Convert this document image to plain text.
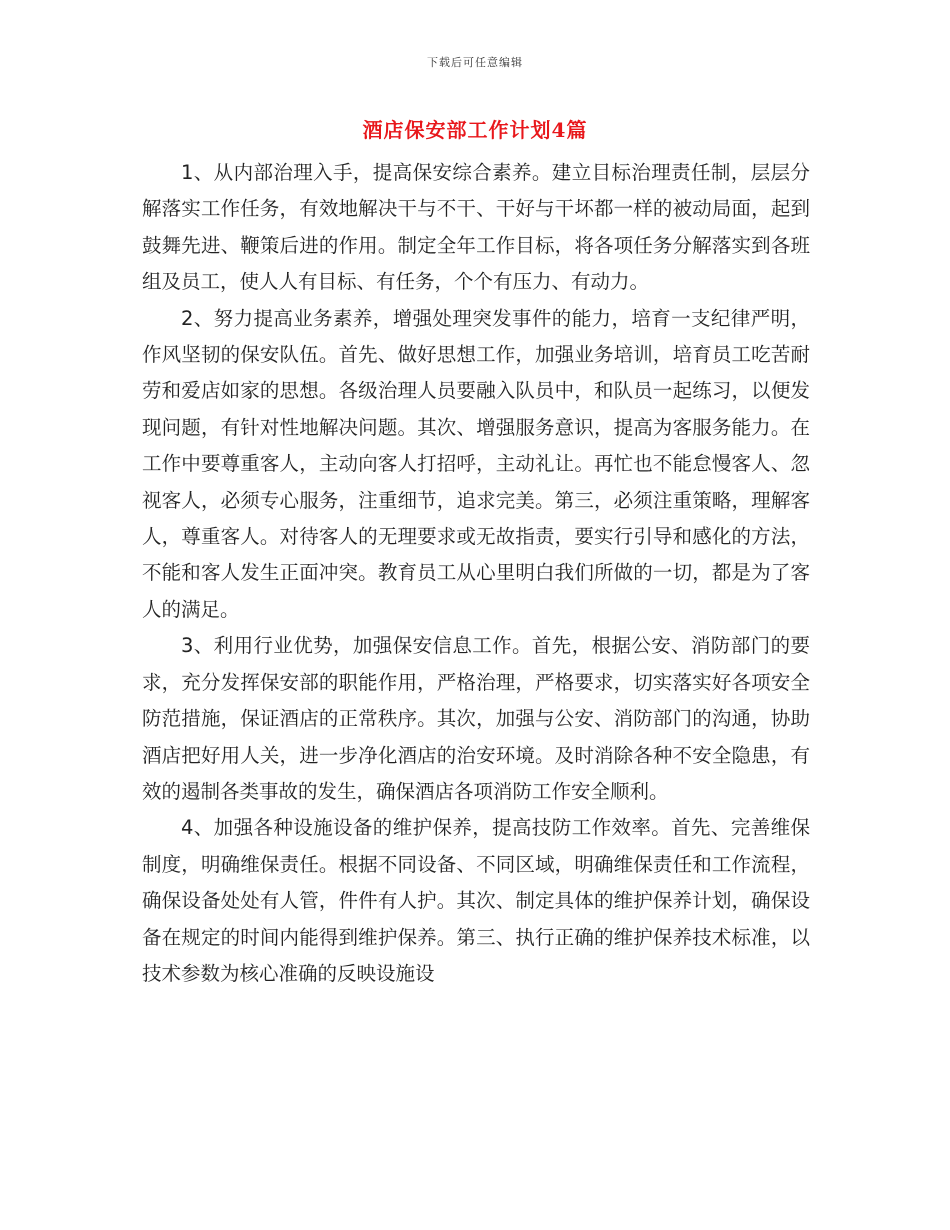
下载后可任意编辑
酒店保安部工作计划4篇

1、从内部治理入手，提高保安综合素养。建立目标治理责任制，层层分解落实工作任务，有效地解决干与不干、干好与干坏都一样的被动局面，起到鼓舞先进、鞭策后进的作用。制定全年工作目标，将各项任务分解落实到各班组及员工，使人人有目标、有任务，个个有压力、有动力。

2、努力提高业务素养，增强处理突发事件的能力，培育一支纪律严明，作风坚韧的保安队伍。首先、做好思想工作，加强业务培训，培育员工吃苦耐劳和爱店如家的思想。各级治理人员要融入队员中，和队员一起练习，以便发现问题，有针对性地解决问题。其次、增强服务意识，提高为客服务能力。在工作中要尊重客人，主动向客人打招呼，主动礼让。再忙也不能怠慢客人、忽视客人，必须专心服务，注重细节，追求完美。第三，必须注重策略，理解客人，尊重客人。对待客人的无理要求或无故指责，要实行引导和感化的方法，不能和客人发生正面冲突。教育员工从心里明白我们所做的一切，都是为了客人的满足。

3、利用行业优势，加强保安信息工作。首先，根据公安、消防部门的要求，充分发挥保安部的职能作用，严格治理，严格要求，切实落实好各项安全防范措施，保证酒店的正常秩序。其次，加强与公安、消防部门的沟通，协助酒店把好用人关，进一步净化酒店的治安环境。及时消除各种不安全隐患，有效的遏制各类事故的发生，确保酒店各项消防工作安全顺利。

4、加强各种设施设备的维护保养，提高技防工作效率。首先、完善维保制度，明确维保责任。根据不同设备、不同区域，明确维保责任和工作流程，确保设备处处有人管，件件有人护。其次、制定具体的维护保养计划，确保设备在规定的时间内能得到维护保养。第三、执行正确的维护保养技术标准，以技术参数为核心准确的反映设施设
